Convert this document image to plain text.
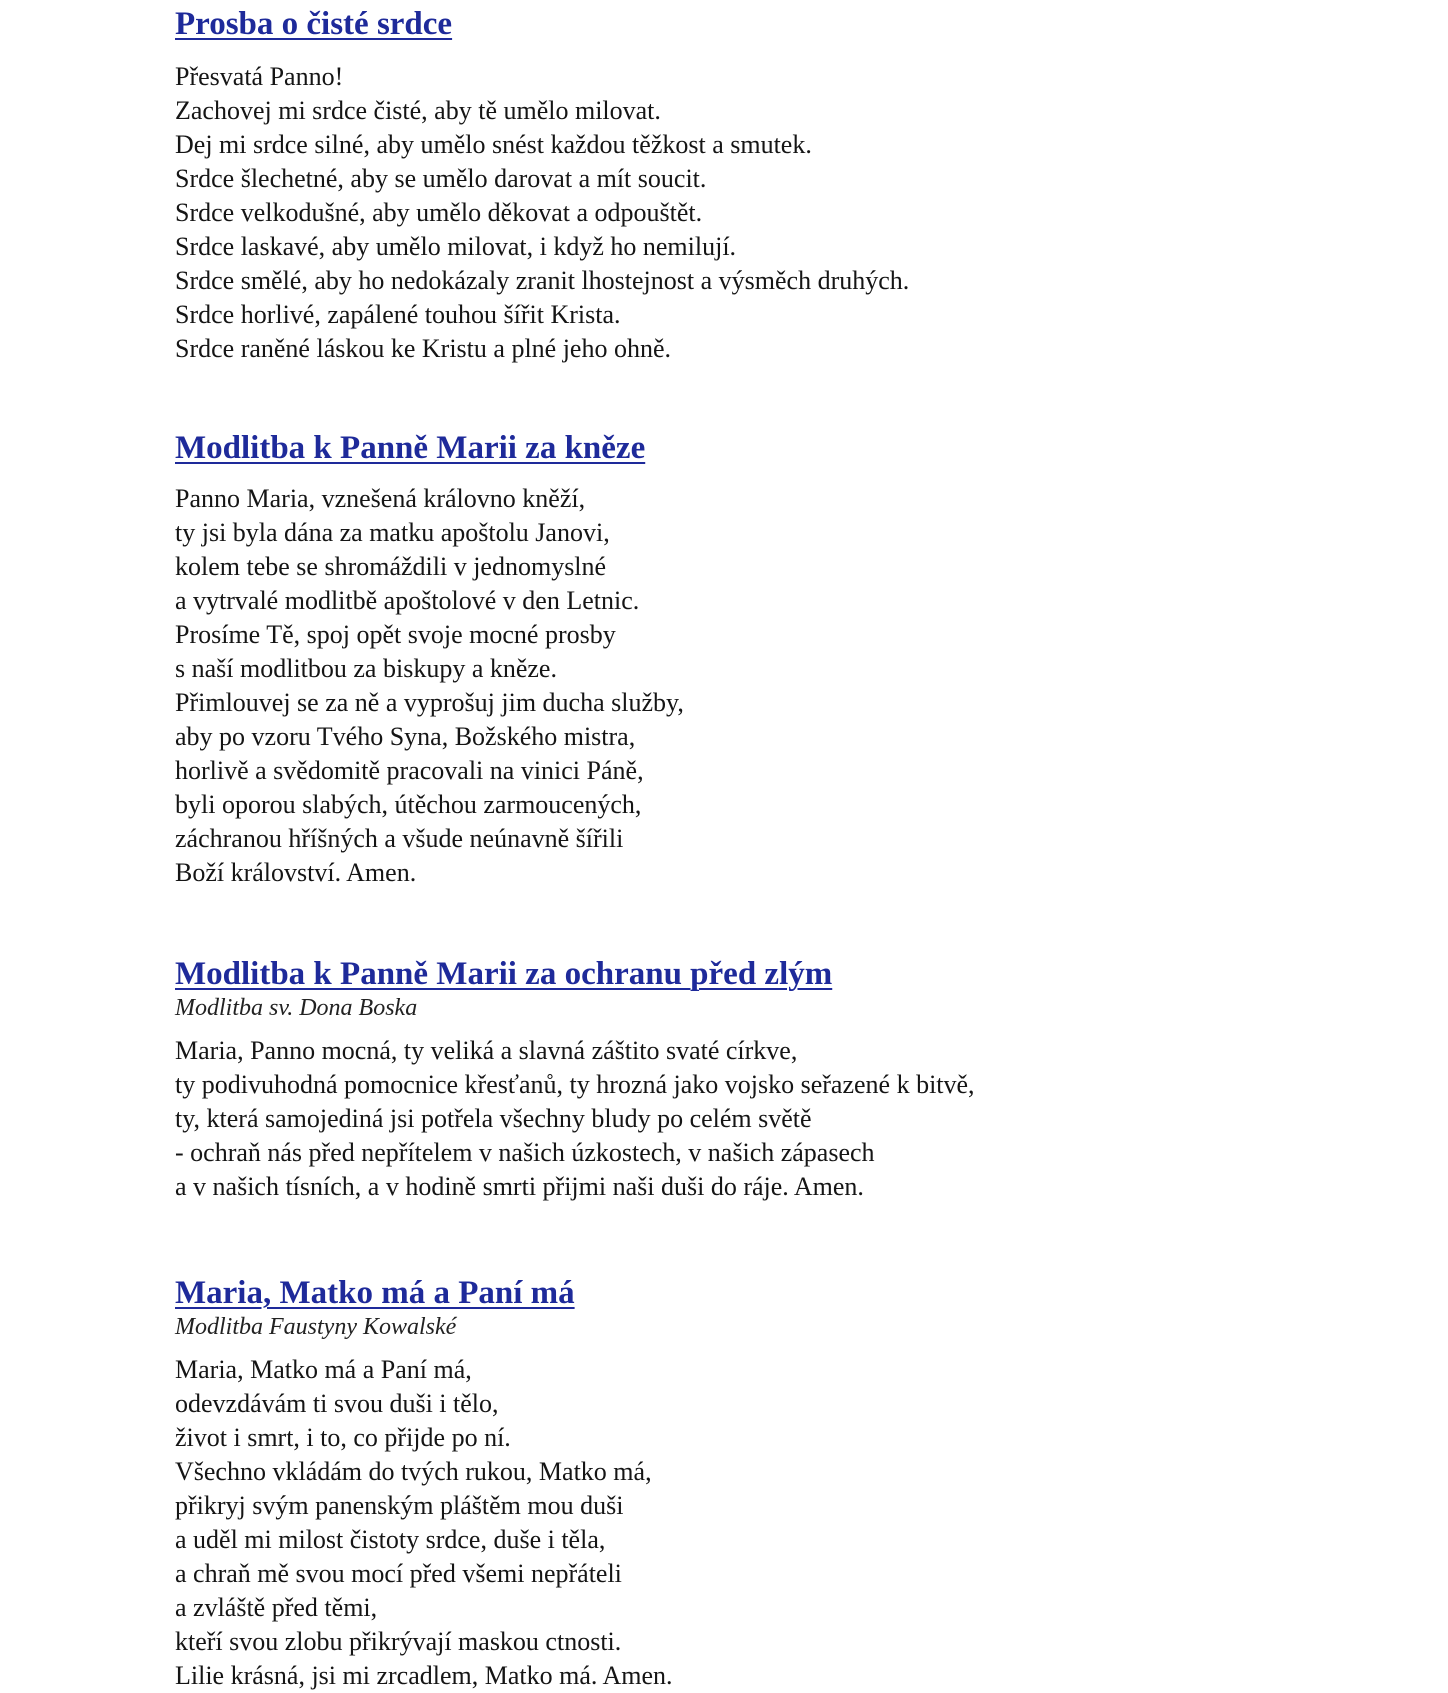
Prosba o čisté srdce
Přesvatá Panno!
Zachovej mi srdce čisté, aby tě umělo milovat.
Dej mi srdce silné, aby umělo snést každou těžkost a smutek.
Srdce šlechetné, aby se umělo darovat a mít soucit.
Srdce velkodušné, aby umělo děkovat a odpouštět.
Srdce laskavé, aby umělo milovat, i když ho nemilují.
Srdce smělé, aby ho nedokázaly zranit lhostejnost a výsměch druhých.
Srdce horlivé, zapálené touhou šířit Krista.
Srdce raněné láskou ke Kristu a plné jeho ohně.
Modlitba k Panně Marii za kněze
Panno Maria, vznešená královno kněží,
ty jsi byla dána za matku apoštolu Janovi,
kolem tebe se shromáždili v jednomyslné
a vytrvalé modlitbě apoštolové v den Letnic.
Prosíme Tě, spoj opět svoje mocné prosby
s naší modlitbou za biskupy a kněze.
Přimlouvej se za ně a vyprošuj jim ducha služby,
aby po vzoru Tvého Syna, Božského mistra,
horlivě a svědomitě pracovali na vinici Páně,
byli oporou slabých, útěchou zarmoucených,
záchranou hříšných a všude neúnavně šířili
Boží království. Amen.
Modlitba k Panně Marii za ochranu před zlým
Modlitba sv. Dona Boska
Maria, Panno mocná, ty veliká a slavná záštito svaté církve,
ty podivuhodná pomocnice křesťanů, ty hrozná jako vojsko seřazené k bitvě,
ty, která samojediná jsi potřela všechny bludy po celém světě
- ochraň nás před nepřítelem v našich úzkostech, v našich zápasech
a v našich tísních, a v hodině smrti přijmi naši duši do ráje. Amen.
Maria, Matko má a Paní má
Modlitba Faustyny Kowalské
Maria, Matko má a Paní má,
odevzdávám ti svou duši i tělo,
život i smrt, i to, co přijde po ní.
Všechno vkládám do tvých rukou, Matko má,
přikryj svým panenským pláštěm mou duši
a uděl mi milost čistoty srdce, duše i těla,
a chraň mě svou mocí před všemi nepřáteli
a zvláště před těmi,
kteří svou zlobu přikrývají maskou ctnosti.
Lilie krásná, jsi mi zrcadlem, Matko má. Amen.
